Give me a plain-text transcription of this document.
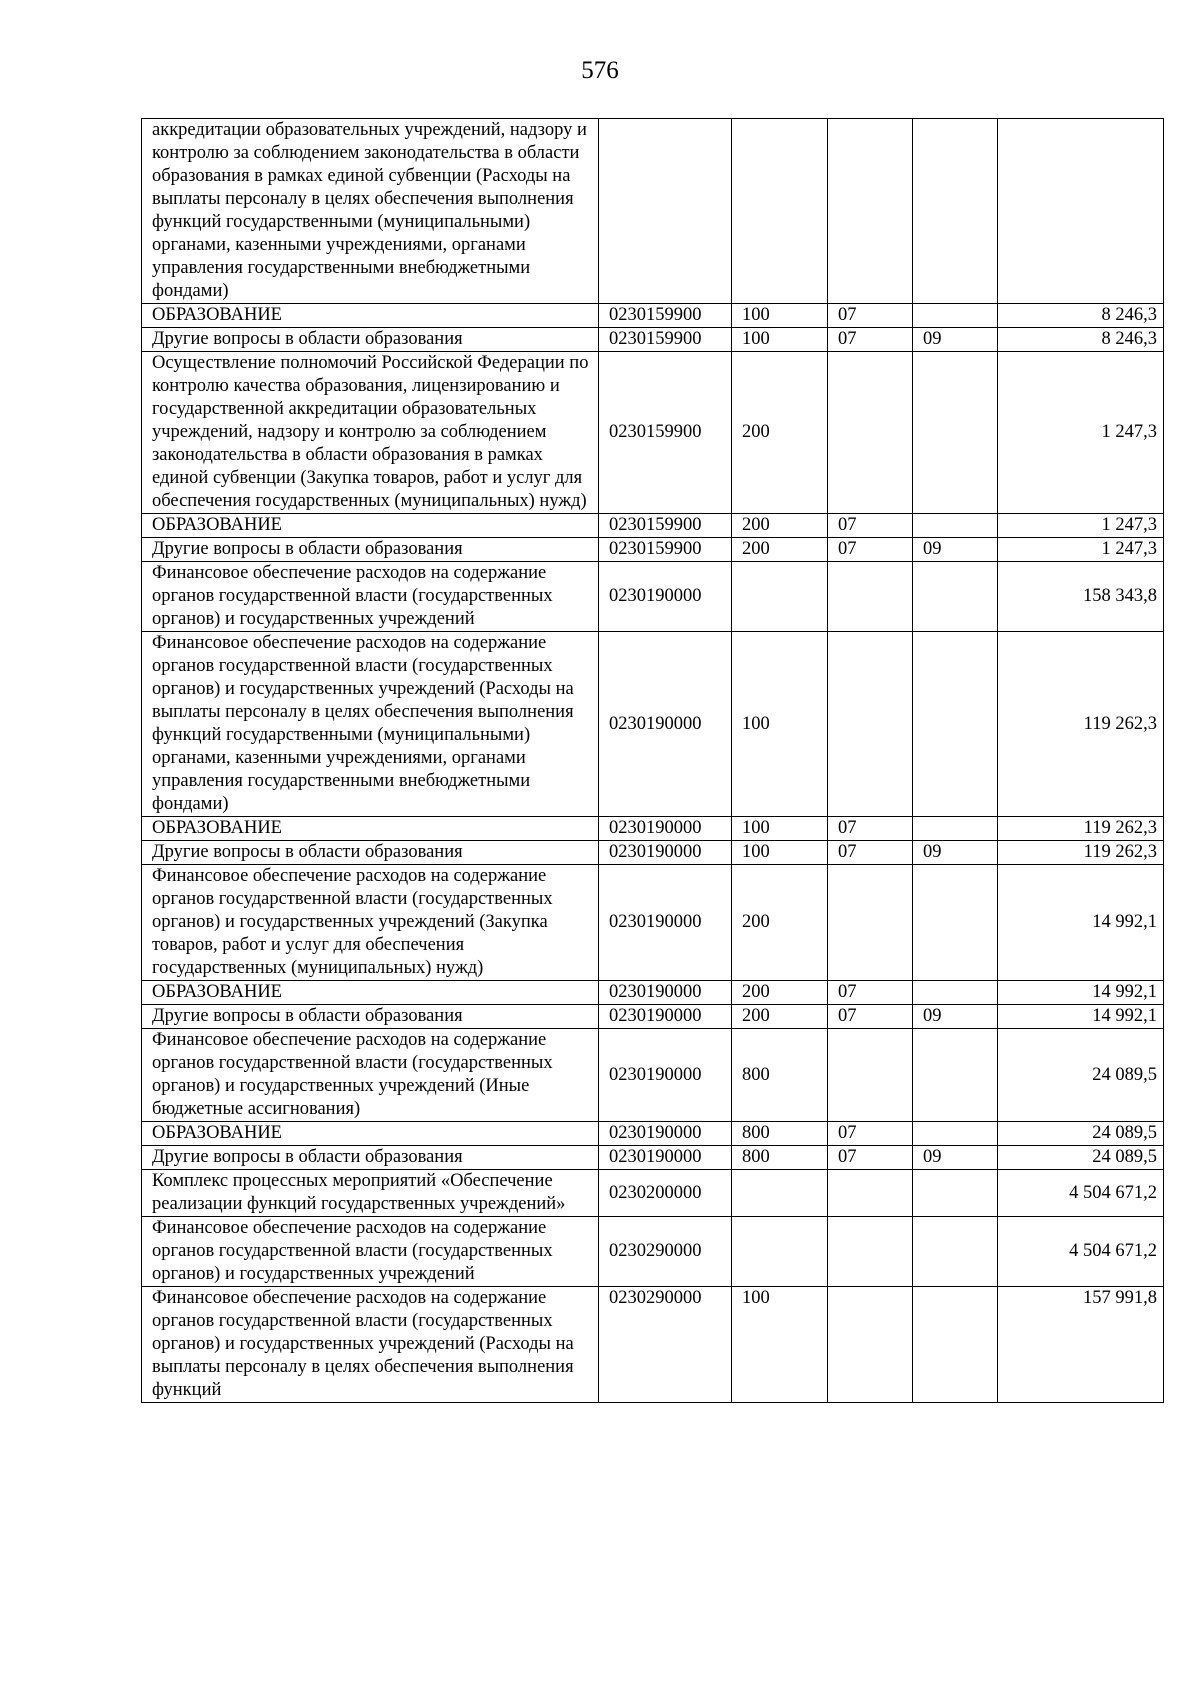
576
аккредитации образовательных учреждений, надзору и контролю за соблюдением законодательства в области образования в рамках единой субвенции (Расходы на выплаты персоналу в целях обеспечения выполнения функций государственными (муниципальными) органами, казенными учреждениями, органами управления государственными внебюджетными фондами)					
ОБРАЗОВАНИЕ	0230159900	100	07		8 246,3
Другие вопросы в области образования	0230159900	100	07	09	8 246,3
Осуществление полномочий Российской Федерации по контролю качества образования, лицензированию и государственной аккредитации образовательных учреждений, надзору и контролю за соблюдением законодательства в области образования в рамках единой субвенции (Закупка товаров, работ и услуг для обеспечения государственных (муниципальных) нужд)	0230159900	200			1 247,3
ОБРАЗОВАНИЕ	0230159900	200	07		1 247,3
Другие вопросы в области образования	0230159900	200	07	09	1 247,3
Финансовое обеспечение расходов на содержание органов государственной власти (государственных органов) и государственных учреждений	0230190000				158 343,8
Финансовое обеспечение расходов на содержание органов государственной власти (государственных органов) и государственных учреждений (Расходы на выплаты персоналу в целях обеспечения выполнения функций государственными (муниципальными) органами, казенными учреждениями, органами управления государственными внебюджетными фондами)	0230190000	100			119 262,3
ОБРАЗОВАНИЕ	0230190000	100	07		119 262,3
Другие вопросы в области образования	0230190000	100	07	09	119 262,3
Финансовое обеспечение расходов на содержание органов государственной власти (государственных органов) и государственных учреждений (Закупка товаров, работ и услуг для обеспечения государственных (муниципальных) нужд)	0230190000	200			14 992,1
ОБРАЗОВАНИЕ	0230190000	200	07		14 992,1
Другие вопросы в области образования	0230190000	200	07	09	14 992,1
Финансовое обеспечение расходов на содержание органов государственной власти (государственных органов) и государственных учреждений (Иные бюджетные ассигнования)	0230190000	800			24 089,5
ОБРАЗОВАНИЕ	0230190000	800	07		24 089,5
Другие вопросы в области образования	0230190000	800	07	09	24 089,5
Комплекс процессных мероприятий «Обеспечение реализации функций государственных учреждений»	0230200000				4 504 671,2
Финансовое обеспечение расходов на содержание органов государственной власти (государственных органов) и государственных учреждений	0230290000				4 504 671,2
Финансовое обеспечение расходов на содержание органов государственной власти (государственных органов) и государственных учреждений (Расходы на выплаты персоналу в целях обеспечения выполнения функций	0230290000	100			157 991,8
